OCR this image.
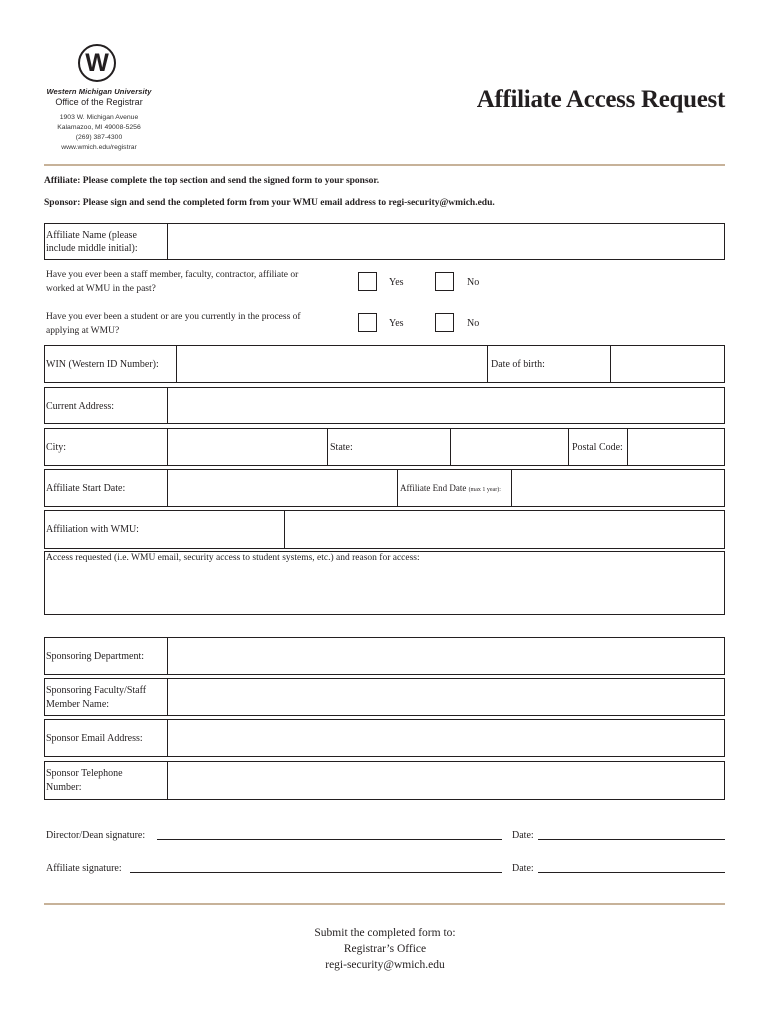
W
Western Michigan University
Office of the Registrar
1903 W. Michigan Avenue
Kalamazoo, MI 49008-5256
(269) 387-4300
www.wmich.edu/registrar
Affiliate Access Request
Affiliate: Please complete the top section and send the signed form to your sponsor.
Sponsor: Please sign and send the completed form from your WMU email address to regi-security@wmich.edu.
Affiliate Name (please
include middle initial):
Have you ever been a staff member, faculty, contractor, affiliate or
worked at WMU in the past?
Yes	No
Have you ever been a student or are you currently in the process of
applying at WMU?
Yes	No
WIN (Western ID Number):	Date of birth:
Current Address:
City:	State:	Postal Code:
Affiliate Start Date:	Affiliate End Date (max 1 year):
Affiliation with WMU:
Access requested (i.e. WMU email, security access to student systems, etc.) and reason for access:
Sponsoring Department:
Sponsoring Faculty/Staff
Member Name:
Sponsor Email Address:
Sponsor Telephone
Number:
Director/Dean signature:	Date:
Affiliate signature:	Date:
Submit the completed form to:
Registrar’s Office
regi-security@wmich.edu
